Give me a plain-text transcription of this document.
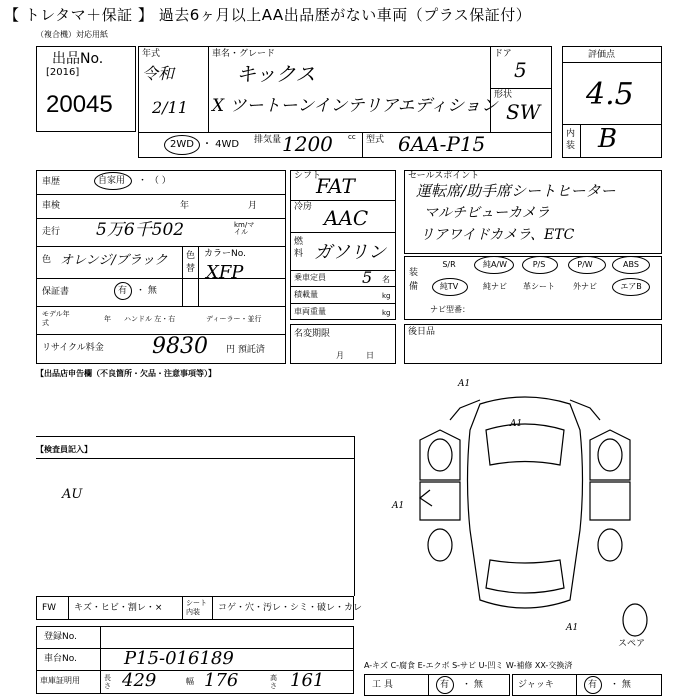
【 トレタマ＋保証 】 過去6ヶ月以上AA出品歴がない車両（プラス保証付）
（複合機）対応用紙
出品No.
[2016]
20045
年式
令和
2/11
車名・グレード
キックス
X ツートーンインテリアエディション
ドア
5
形状
SW
2WD ・ 4WD 排気量 1200 cc 型式 6AA-P15
評価点
4.5
内装 B
車歴	自家用 ・ （ ）
車検	年	月
走行 5万6千502	km/マイル
色 オレンジ/ブラック 色替
カラーNo.
XFP
保証書	有 ・ 無
モデル年式	年 ハンドル 左・右	ディーラー・並行
リサイクル料金 9830 円 預託済
シフト
FAT
冷房 AAC
燃料 ガソリン
乗車定員 5 名
積載量	kg
車両重量	kg
名変期限
月日
セールスポイント
運転席/助手席シートヒーター
マルチビューカメラ
リアワイドカメラ、ETC
装備
S/R	純A/W	P/S	P/W	ABS
純TV	純ナビ	革シート	外ナビ	エアB
ナビ型番：
後日品
【出品店申告欄（不良箇所・欠品・注意事項等）】
【検査員記入】
AU
A1
A1
A1
A1
スペア
FW キズ・ヒビ・割レ・×	シート内装	コゲ・穴・汚レ・シミ・破レ・カレ
登録No.
車台No.	P15-016189
車庫証明用	長さ 429	幅 176	高さ 161
A-キズ C-腐食 E-エクボ S-サビ U-凹ミ W-補修 XX-交換済
工 具	有 ・ 無	ジャッキ	有 ・ 無
